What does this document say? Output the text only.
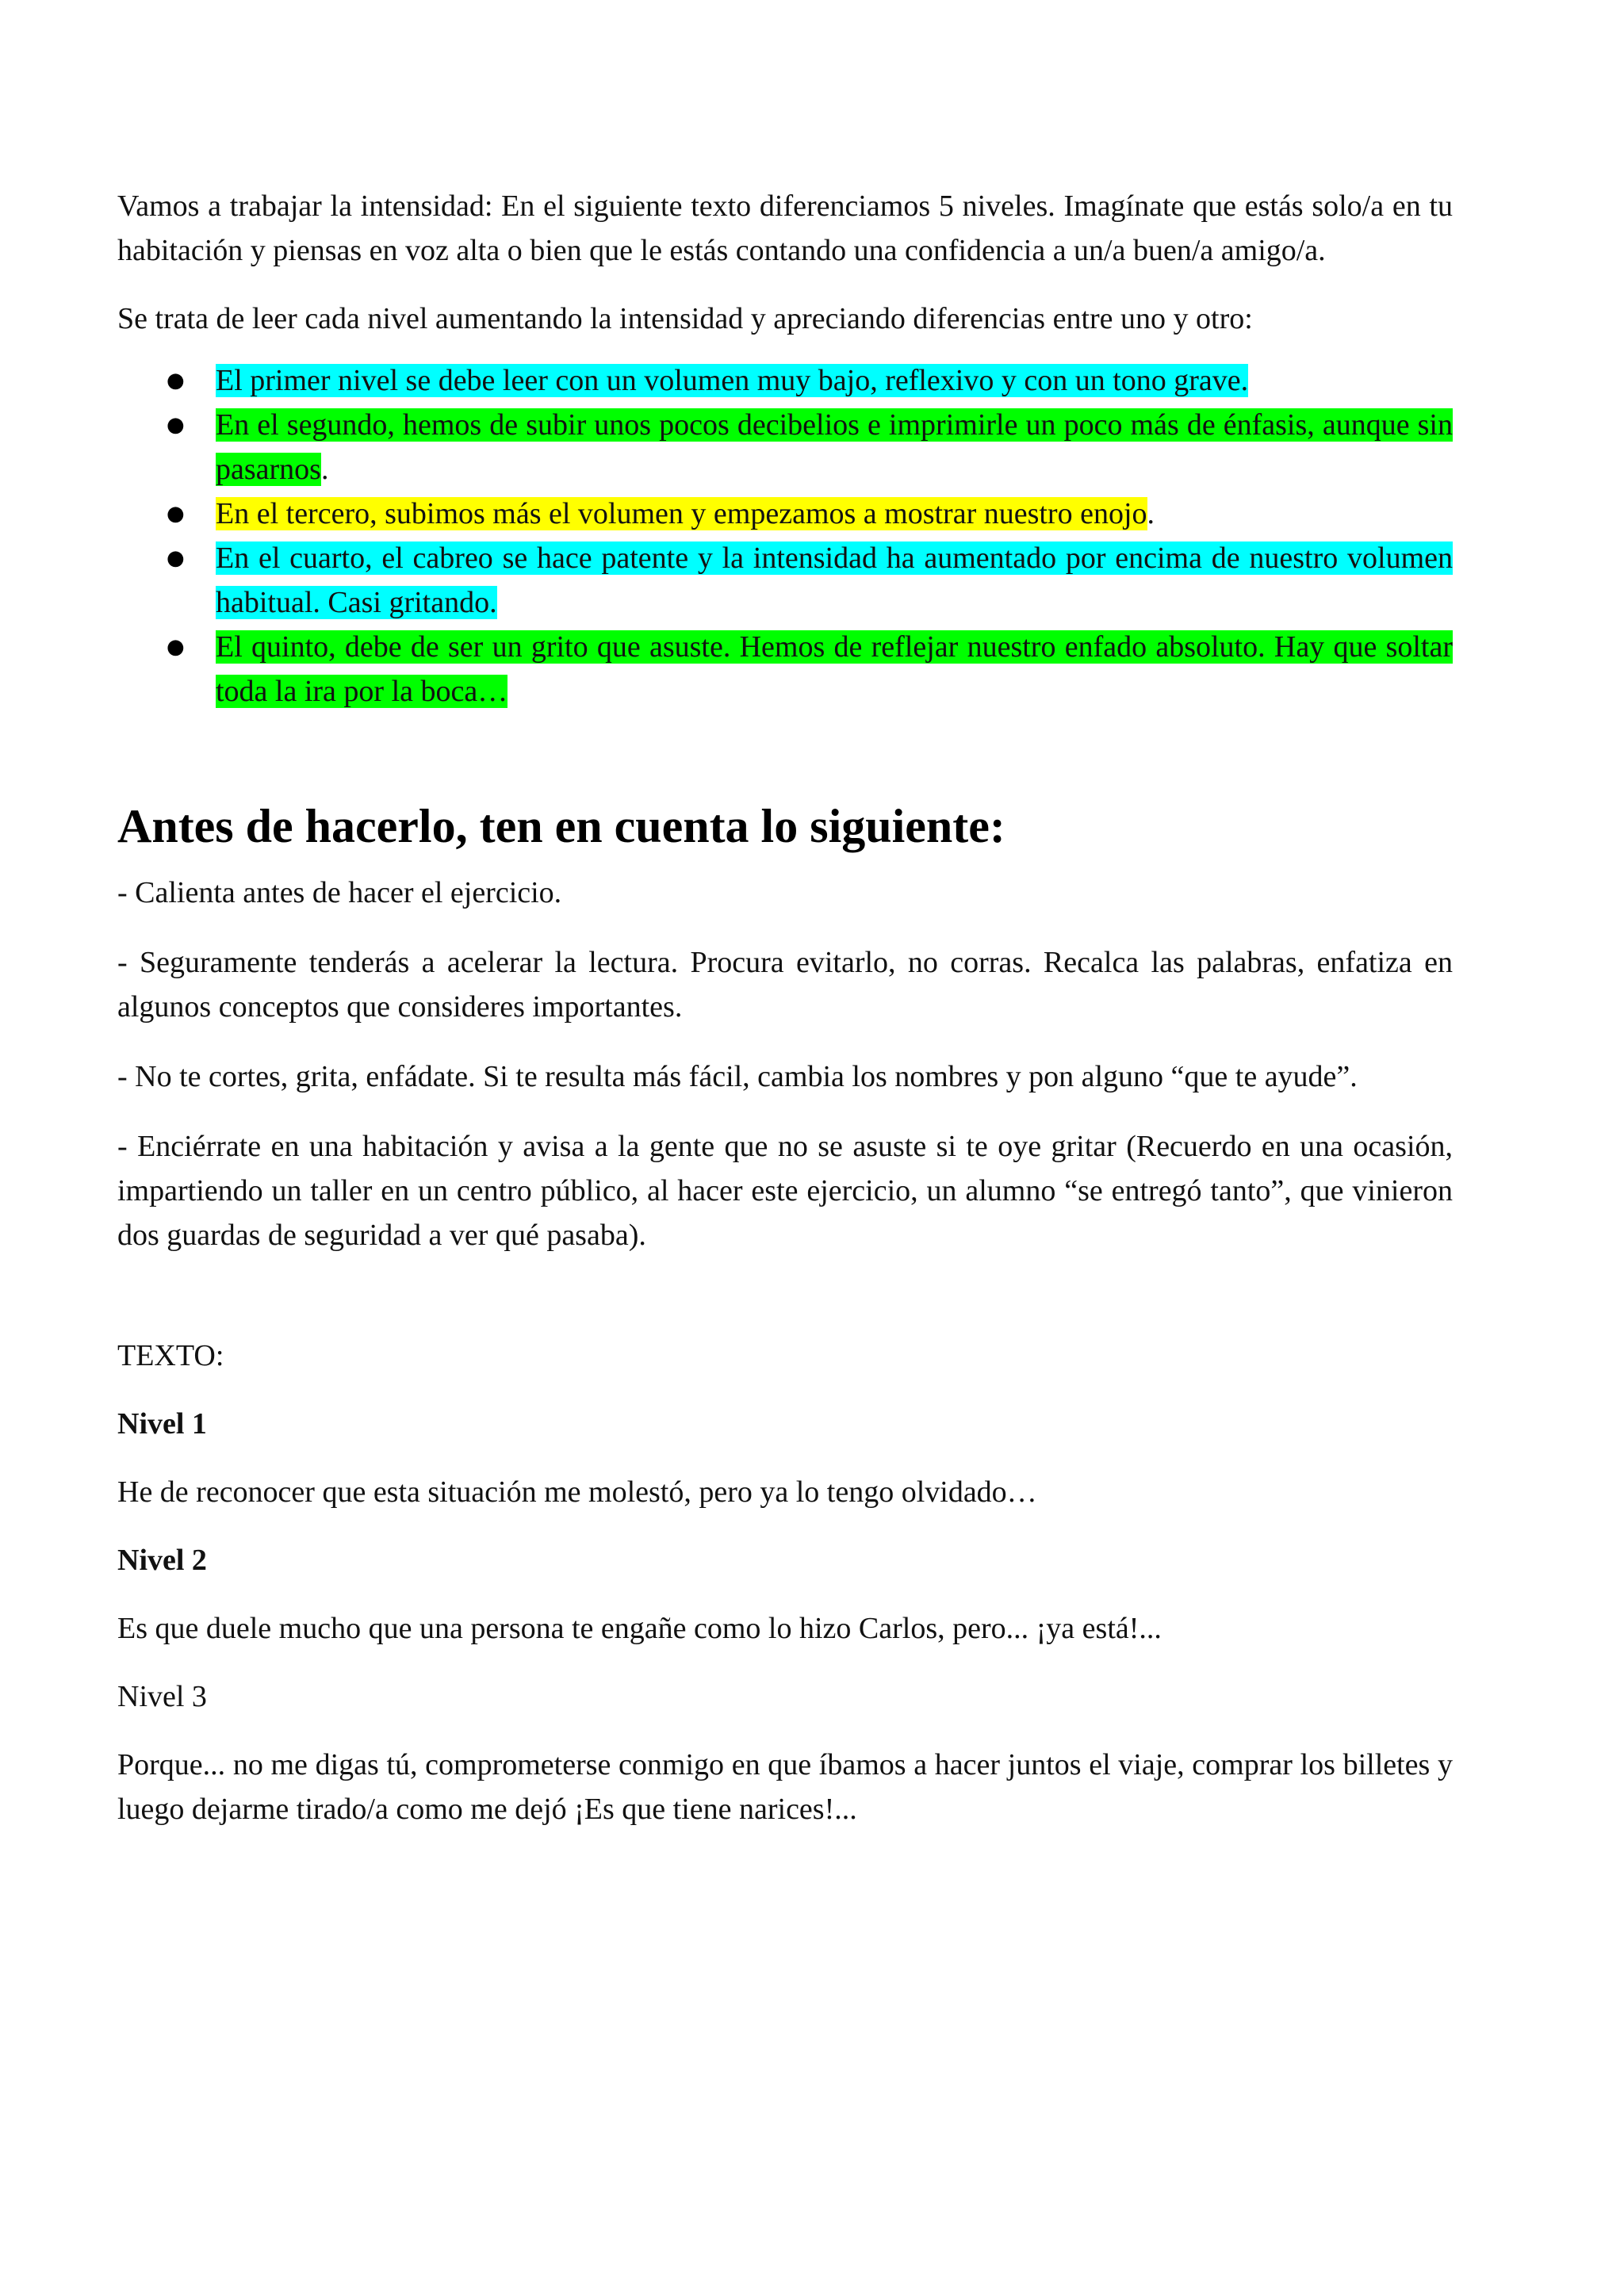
Vamos a trabajar la intensidad: En el siguiente texto diferenciamos 5 niveles. Imagínate que estás solo/a en tu habitación y piensas en voz alta o bien que le estás contando una confidencia a un/a buen/a amigo/a.

Se trata de leer cada nivel aumentando la intensidad y apreciando diferencias entre uno y otro:

● El primer nivel se debe leer con un volumen muy bajo, reflexivo y con un tono grave.
● En el segundo, hemos de subir unos pocos decibelios e imprimirle un poco más de énfasis, aunque sin pasarnos.
● En el tercero, subimos más el volumen y empezamos a mostrar nuestro enojo.
● En el cuarto, el cabreo se hace patente y la intensidad ha aumentado por encima de nuestro volumen habitual. Casi gritando.
● El quinto, debe de ser un grito que asuste. Hemos de reflejar nuestro enfado absoluto. Hay que soltar toda la ira por la boca…
Antes de hacerlo, ten en cuenta lo siguiente:

- Calienta antes de hacer el ejercicio.

- Seguramente tenderás a acelerar la lectura. Procura evitarlo, no corras. Recalca las palabras, enfatiza en algunos conceptos que consideres importantes.

- No te cortes, grita, enfádate. Si te resulta más fácil, cambia los nombres y pon alguno “que te ayude”.

- Enciérrate en una habitación y avisa a la gente que no se asuste si te oye gritar (Recuerdo en una ocasión, impartiendo un taller en un centro público, al hacer este ejercicio, un alumno “se entregó tanto”, que vinieron dos guardas de seguridad a ver qué pasaba).

TEXTO:

Nivel 1

He de reconocer que esta situación me molestó, pero ya lo tengo olvidado…

Nivel 2

Es que duele mucho que una persona te engañe como lo hizo Carlos, pero... ¡ya está!...

Nivel 3

Porque... no me digas tú, comprometerse conmigo en que íbamos a hacer juntos el viaje, comprar los billetes y luego dejarme tirado/a como me dejó ¡Es que tiene narices!...
